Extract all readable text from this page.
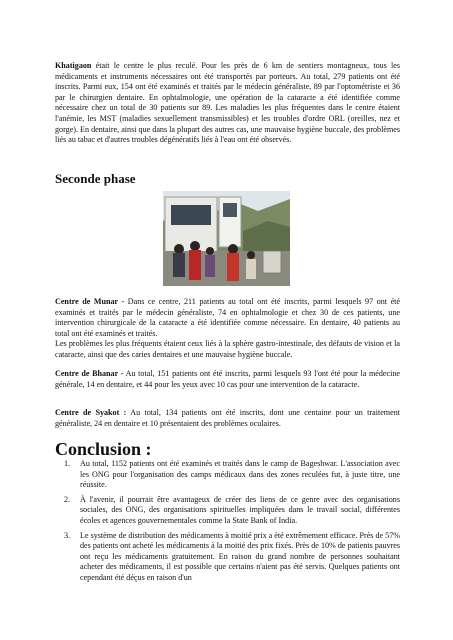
Khatigaon était le centre le plus reculé. Pour les près de 6 km de sentiers montagneux, tous les médicaments et instruments nécessaires ont été transportés par porteurs. Au total, 279 patients ont été inscrits. Parmi eux, 154 ont été examinés et traités par le médecin généraliste, 89 par l'optométriste et 36 par le chirurgien dentaire. En ophtalmologie, une opération de la cataracte a été identifiée comme nécessaire chez un total de 30 patients sur 89. Les maladies les plus fréquentes dans le centre étaient l'anémie, les MST (maladies sexuellement transmissibles) et les troubles d'ordre ORL (oreilles, nez et gorge). En dentaire, ainsi que dans la plupart des autres cas, une mauvaise hygiène buccale, des problèmes liés au tabac et d'autres troubles dégénératifs liés à l'eau ont été observés.

Seconde phase
Centre de Munar - Dans ce centre, 211 patients au total ont été inscrits, parmi lesquels 97 ont été examinés et traités par le médecin généraliste, 74 en ophtalmologie et chez 30 de ces patients, une intervention chirurgicale de la cataracte a été identifiée comme nécessaire. En dentaire, 40 patients au total ont été examinés et traités.
Les problèmes les plus fréquents étaient ceux liés à la sphère gastro-intestinale, des défauts de vision et la cataracte, ainsi que des caries dentaires et une mauvaise hygiène buccale.

Centre de Bhanar - Au total, 151 patients ont été inscrits, parmi lesquels 93 l'ont été pour la médecine générale, 14 en dentaire, et 44 pour les yeux avec 10 cas pour une intervention de la cataracte.

Centre de Syakot : Au total, 134 patients ont été inscrits, dont une centaine pour un traitement généraliste, 24 en dentaire et 10 présentaient des problèmes oculaires.

Conclusion :
1. Au total, 1152 patients ont été examinés et traités dans le camp de Bageshwar. L'association avec les ONG pour l'organisation des camps médicaux dans des zones reculées fut, à juste titre, une réussite.
2. À l'avenir, il pourrait être avantageux de créer des liens de ce genre avec des organisations sociales, des ONG, des organisations spirituelles impliquées dans le travail social, différentes écoles et agences gouvernementales comme la State Bank of India.
3. Le système de distribution des médicaments à moitié prix a été extrêmement efficace. Près de 57% des patients ont acheté les médicaments à la moitié des prix fixés. Près de 10% de patients pauvres ont reçu les médicaments gratuitement. En raison du grand nombre de personnes souhaitant acheter des médicaments, il est possible que certains n'aient pas été servis. Quelques patients ont cependant été déçus en raison d'un
